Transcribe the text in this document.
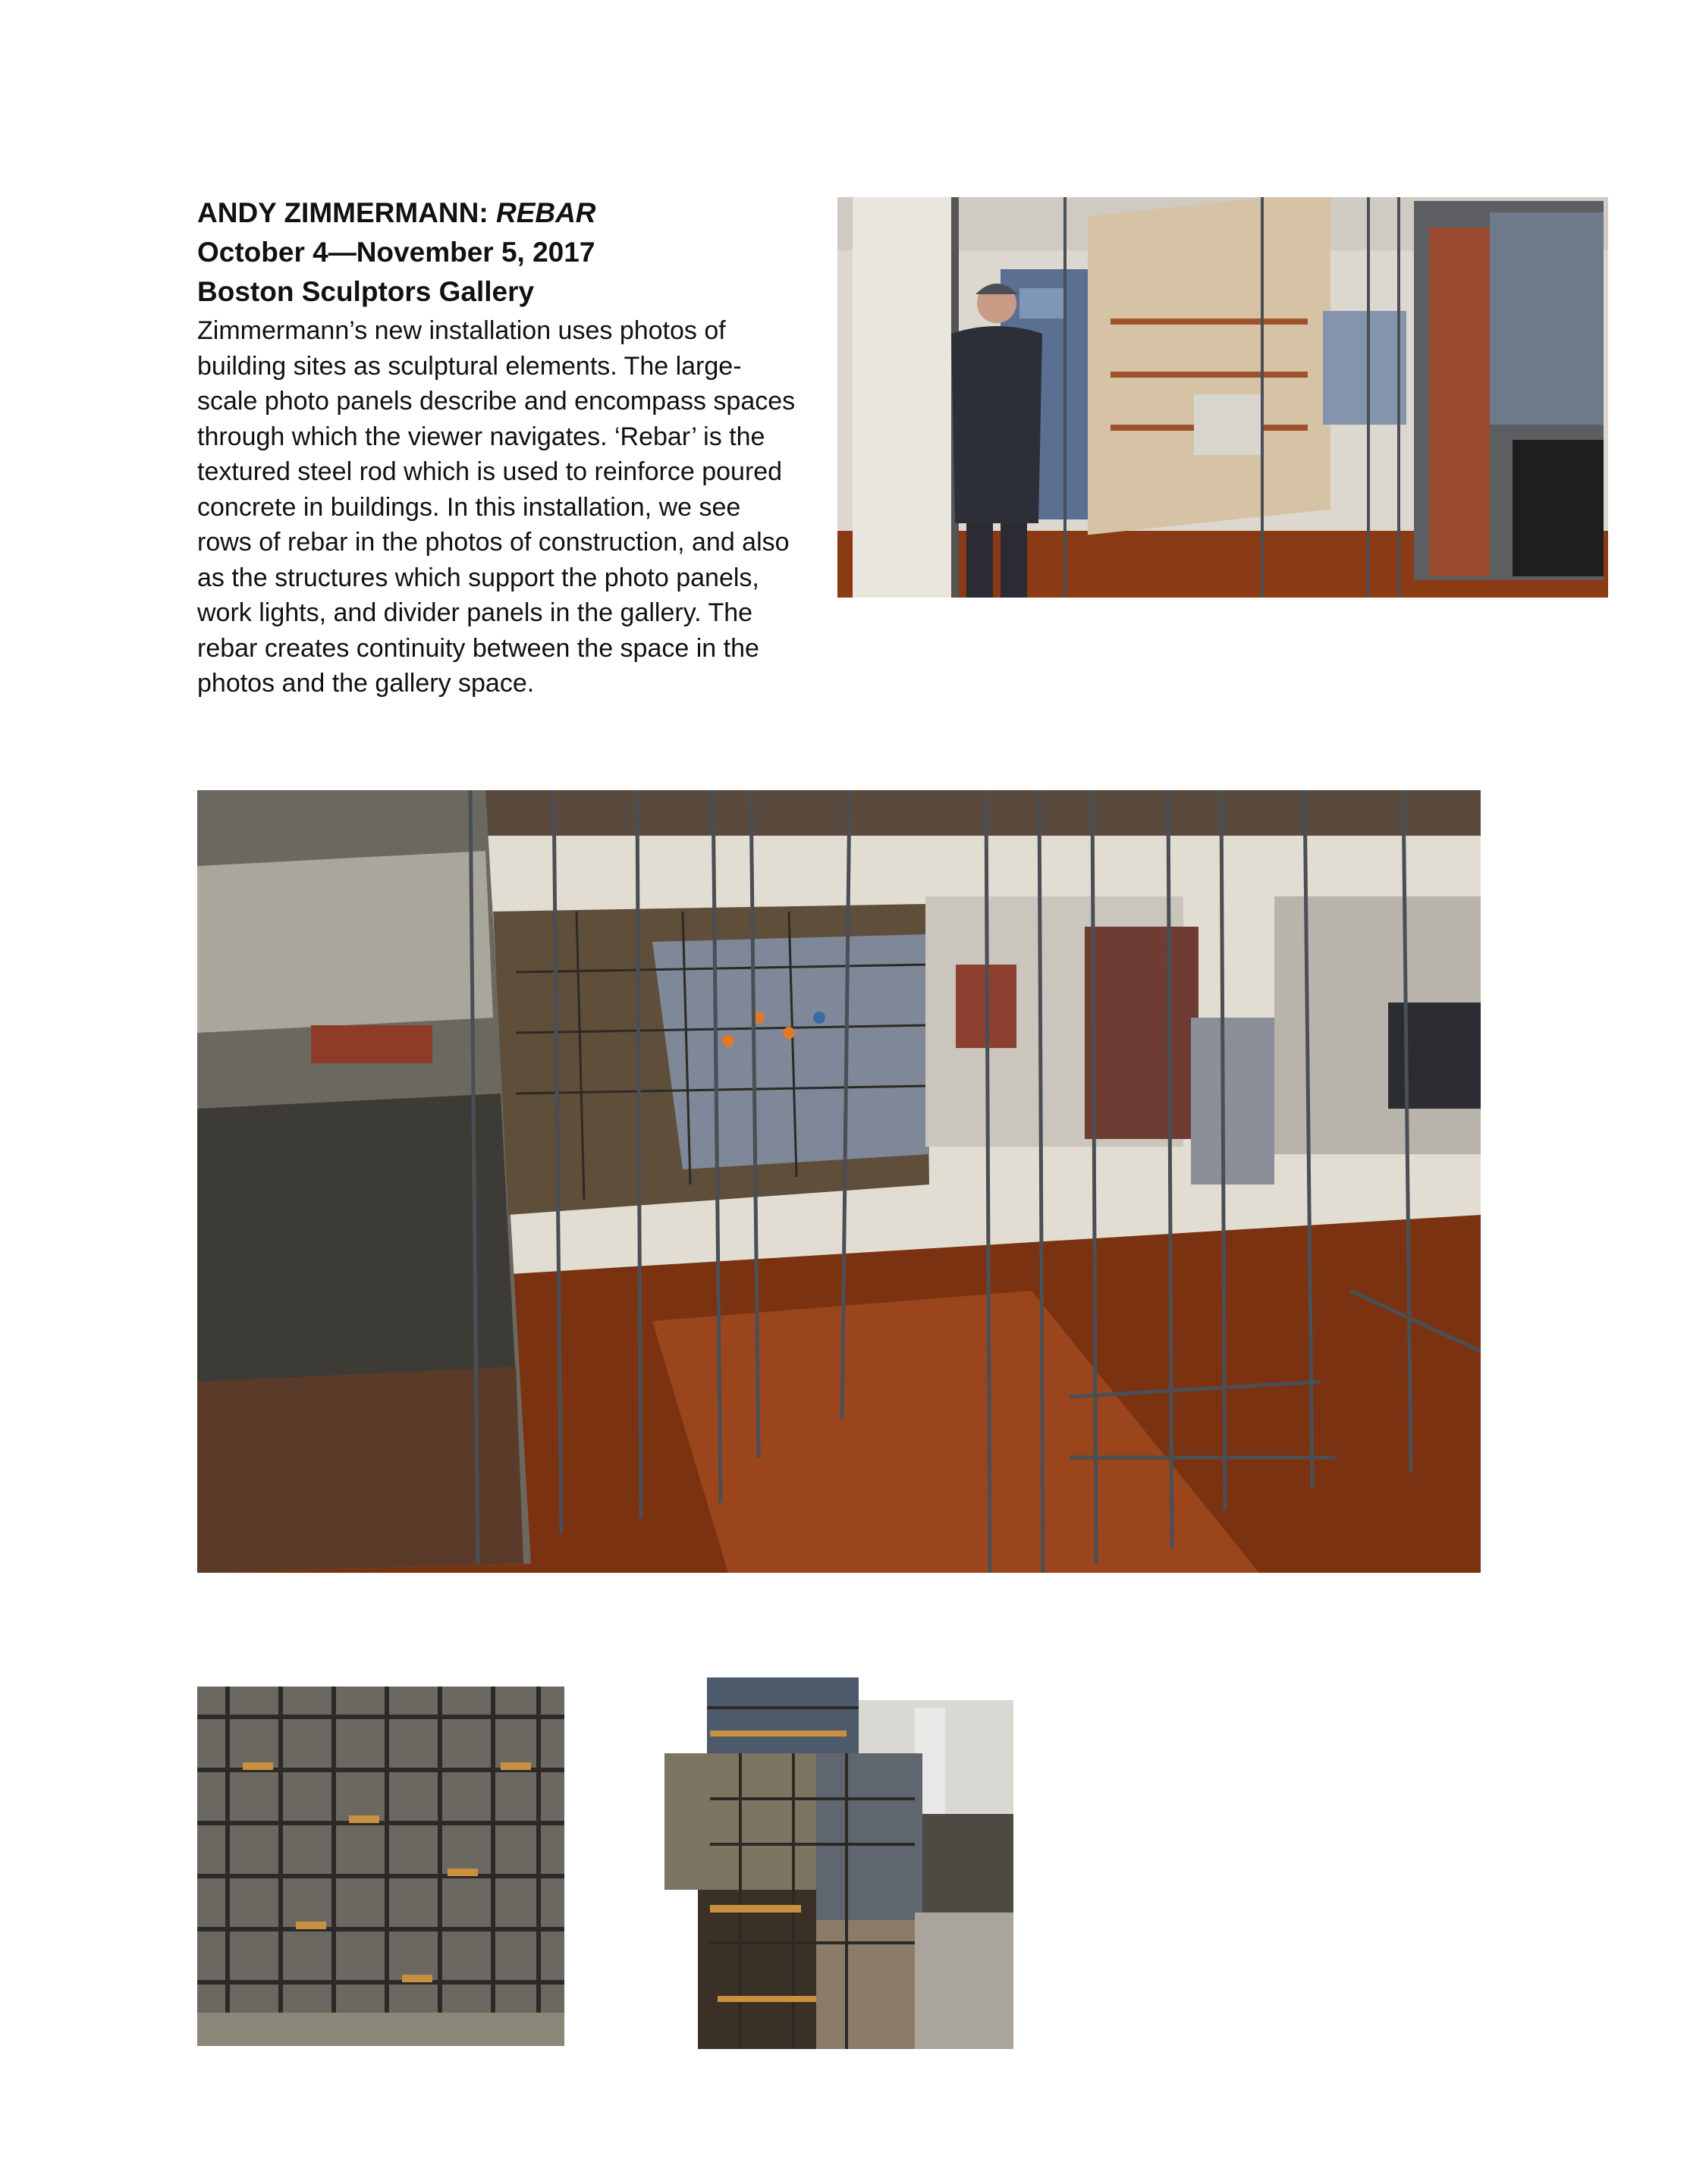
ANDY ZIMMERMANN: REBAR

October 4—November 5, 2017

Boston Sculptors Gallery

Zimmermann’s new installation uses photos of building sites as sculptural elements. The large-scale photo panels describe and encompass spaces through which the viewer navigates. ‘Rebar’ is the textured steel rod which is used to reinforce poured concrete in buildings. In this installation, we see rows of rebar in the photos of construction, and also as the structures which support the photo panels, work lights, and divider panels in the gallery. The rebar creates continuity between the space in the photos and the gallery space.
